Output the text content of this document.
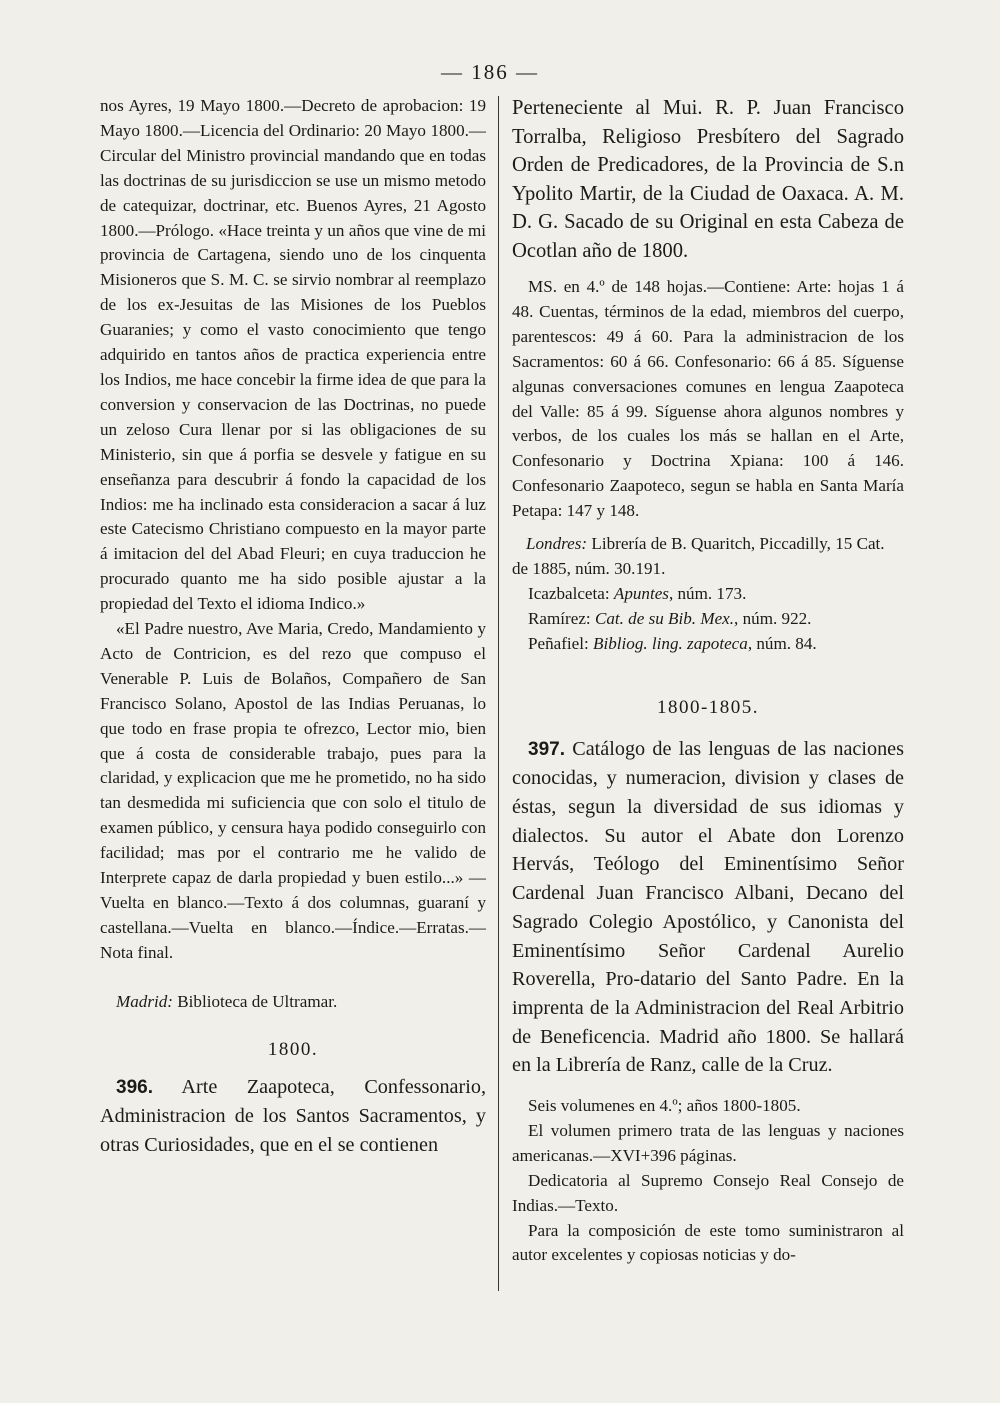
— 186 —

nos Ayres, 19 Mayo 1800.—Decreto de aprobacion: 19 Mayo 1800.—Licencia del Ordinario: 20 Mayo 1800.—Circular del Ministro provincial mandando que en todas las doctrinas de su jurisdiccion se use un mismo metodo de catequizar, doctrinar, etc. Buenos Ayres, 21 Agosto 1800.—Prólogo. «Hace treinta y un años que vine de mi provincia de Cartagena, siendo uno de los cinquenta Misioneros que S. M. C. se sirvio nombrar al reemplazo de los ex-Jesuitas de las Misiones de los Pueblos Guaranies; y como el vasto conocimiento que tengo adquirido en tantos años de practica experiencia entre los Indios, me hace concebir la firme idea de que para la conversion y conservacion de las Doctrinas, no puede un zeloso Cura llenar por si las obligaciones de su Ministerio, sin que á porfia se desvele y fatigue en su enseñanza para descubrir á fondo la capacidad de los Indios: me ha inclinado esta consideracion a sacar á luz este Catecismo Christiano compuesto en la mayor parte á imitacion del del Abad Fleuri; en cuya traduccion he procurado quanto me ha sido posible ajustar a la propiedad del Texto el idioma Indico.»

«El Padre nuestro, Ave Maria, Credo, Mandamiento y Acto de Contricion, es del rezo que compuso el Venerable P. Luis de Bolaños, Compañero de San Francisco Solano, Apostol de las Indias Peruanas, lo que todo en frase propia te ofrezco, Lector mio, bien que á costa de considerable trabajo, pues para la claridad, y explicacion que me he prometido, no ha sido tan desmedida mi suficiencia que con solo el titulo de examen público, y censura haya podido conseguirlo con facilidad; mas por el contrario me he valido de Interprete capaz de darla propiedad y buen estilo...» —Vuelta en blanco.—Texto á dos columnas, guaraní y castellana.—Vuelta en blanco.—Índice.—Erratas.—Nota final.

Madrid: Biblioteca de Ultramar.

1800.

396. Arte Zaapoteca, Confessonario, Administracion de los Santos Sacramentos, y otras Curiosidades, que en el se contienen

Perteneciente al Mui. R. P. Juan Francisco Torralba, Religioso Presbítero del Sagrado Orden de Predicadores, de la Provincia de S.n Ypolito Martir, de la Ciudad de Oaxaca. A. M. D. G. Sacado de su Original en esta Cabeza de Ocotlan año de 1800.

MS. en 4.º de 148 hojas.—Contiene: Arte: hojas 1 á 48. Cuentas, términos de la edad, miembros del cuerpo, parentescos: 49 á 60. Para la administracion de los Sacramentos: 60 á 66. Confesonario: 66 á 85. Síguense algunas conversaciones comunes en lengua Zaapoteca del Valle: 85 á 99. Síguense ahora algunos nombres y verbos, de los cuales los más se hallan en el Arte, Confesonario y Doctrina Xpiana: 100 á 146. Confesonario Zaapoteco, segun se habla en Santa María Petapa: 147 y 148.

Londres: Librería de B. Quaritch, Piccadilly, 15 Cat. de 1885, núm. 30.191.

Icazbalceta: Apuntes, núm. 173.

Ramírez: Cat. de su Bib. Mex., núm. 922.

Peñafiel: Bibliog. ling. zapoteca, núm. 84.

1800-1805.

397. Catálogo de las lenguas de las naciones conocidas, y numeracion, division y clases de éstas, segun la diversidad de sus idiomas y dialectos. Su autor el Abate don Lorenzo Hervás, Teólogo del Eminentísimo Señor Cardenal Juan Francisco Albani, Decano del Sagrado Colegio Apostólico, y Canonista del Eminentísimo Señor Cardenal Aurelio Roverella, Pro-datario del Santo Padre. En la imprenta de la Administracion del Real Arbitrio de Beneficencia. Madrid año 1800. Se hallará en la Librería de Ranz, calle de la Cruz.

Seis volumenes en 4.º; años 1800-1805.

El volumen primero trata de las lenguas y naciones americanas.—XVI+396 páginas.

Dedicatoria al Supremo Consejo Real Consejo de Indias.—Texto.

Para la composición de este tomo suministraron al autor excelentes y copiosas noticias y do-
